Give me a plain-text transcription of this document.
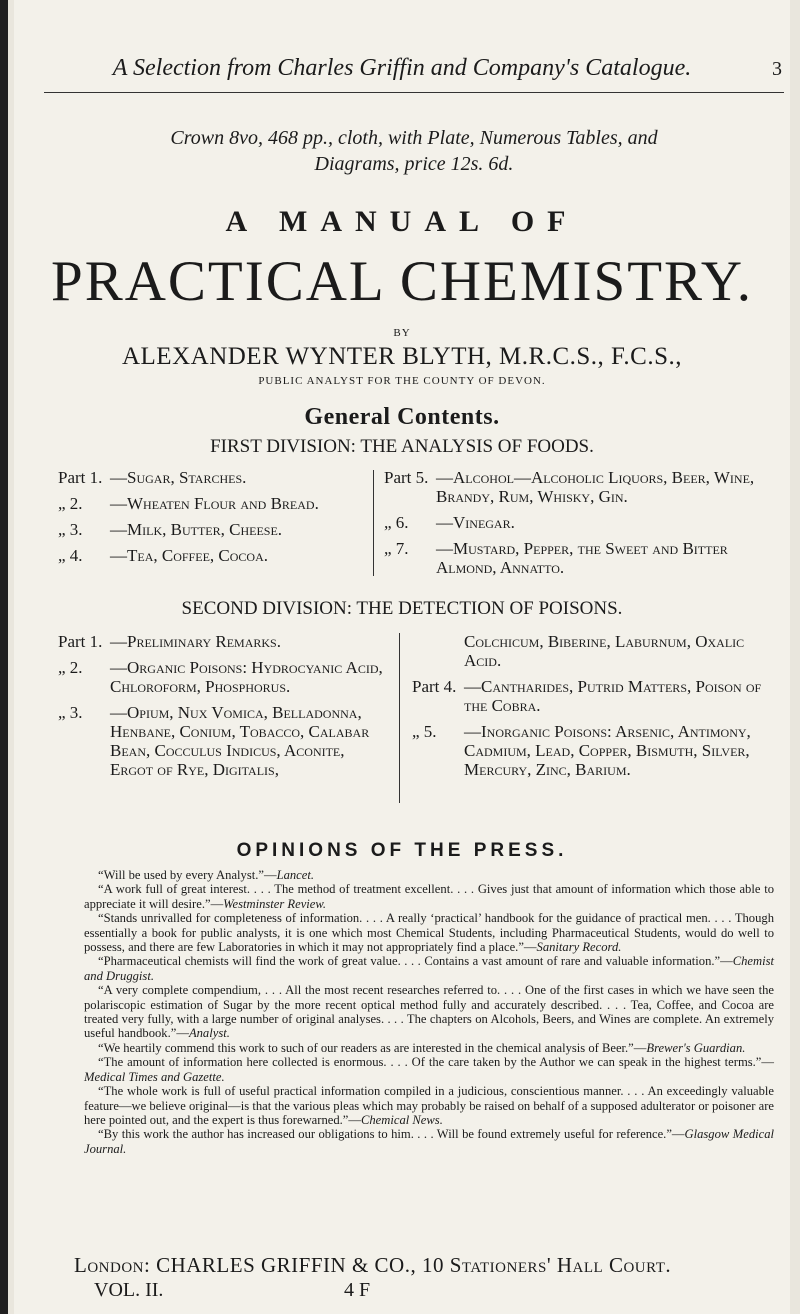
A Selection from Charles Griffin and Company's Catalogue.	3
Crown 8vo, 468 pp., cloth, with Plate, Numerous Tables, and Diagrams, price 12s. 6d.
A MANUAL OF
PRACTICAL CHEMISTRY.
BY
ALEXANDER WYNTER BLYTH, M.R.C.S., F.C.S.,
PUBLIC ANALYST FOR THE COUNTY OF DEVON.
General Contents.
FIRST DIVISION: THE ANALYSIS OF FOODS.

Part 1. —Sugar, Starches.

„ 2.	—Wheaten Flour and Bread.

„ 3.	—Milk, Butter, Cheese.

„ 4.	—Tea, Coffee, Cocoa.

Part 5. —Alcohol—Alcoholic Liquors, Beer, Wine, Brandy, Rum, Whisky, Gin.

„ 6.	—Vinegar.

„ 7.	—Mustard, Pepper, the Sweet and Bitter Almond, Annatto.

SECOND DIVISION: THE DETECTION OF POISONS.

Part 1. —Preliminary Remarks.

„ 2.	—Organic Poisons: Hydrocyanic Acid, Chloroform, Phosphorus.

„ 3.	—Opium, Nux Vomica, Belladonna, Henbane, Conium, Tobacco, Calabar Bean, Cocculus Indicus, Aconite, Ergot of Rye, Digitalis,

Colchicum, Biberine, Laburnum, Oxalic Acid.

Part 4. —Cantharides, Putrid Matters, Poison of the Cobra.

„ 5.	—Inorganic Poisons: Arsenic, Antimony, Cadmium, Lead, Copper, Bismuth, Silver, Mercury, Zinc, Barium.

OPINIONS OF THE PRESS.

“Will be used by every Analyst.”—Lancet.

“A work full of great interest. . . . The method of treatment excellent. . . . Gives just that amount of information which those able to appreciate it will desire.”—Westminster Review.

“Stands unrivalled for completeness of information. . . . A really ‘practical’ handbook for the guidance of practical men. . . . Though essentially a book for public analysts, it is one which most Chemical Students, including Pharmaceutical Students, would do well to possess, and there are few Laboratories in which it may not appropriately find a place.”—Sanitary Record.

“Pharmaceutical chemists will find the work of great value. . . . Contains a vast amount of rare and valuable information.”—Chemist and Druggist.

“A very complete compendium, . . . All the most recent researches referred to. . . . One of the first cases in which we have seen the polariscopic estimation of Sugar by the more recent optical method fully and accurately described. . . . Tea, Coffee, and Cocoa are treated very fully, with a large number of original analyses. . . . The chapters on Alcohols, Beers, and Wines are complete. An extremely useful handbook.”—Analyst.

“We heartily commend this work to such of our readers as are interested in the chemical analysis of Beer.”—Brewer's Guardian.

“The amount of information here collected is enormous. . . . Of the care taken by the Author we can speak in the highest terms.”—Medical Times and Gazette.

“The whole work is full of useful practical information compiled in a judicious, conscientious manner. . . . An exceedingly valuable feature—we believe original—is that the various pleas which may probably be raised on behalf of a supposed adulterator or poisoner are here pointed out, and the expert is thus forewarned.”—Chemical News.

“By this work the author has increased our obligations to him. . . . Will be found extremely useful for reference.”—Glasgow Medical Journal.

London: CHARLES GRIFFIN & CO., 10 Stationers' Hall Court.
VOL. II.	4 F
